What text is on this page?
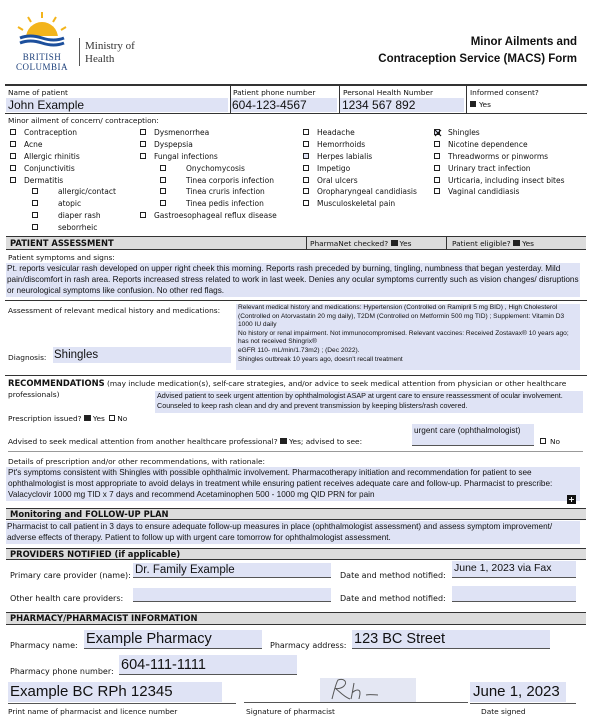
BRITISH
COLUMBIA
Ministry of
Health
Minor Ailments and
Contraception Service (MACS) Form
Name of patient
John Example
Patient phone number
604-123-4567
Personal Health Number
1234 567 892
Informed consent?
Yes
Minor ailment of concern/ contraception:
Contraception
Acne
Allergic rhinitis
Conjunctivitis
Dermatitis
allergic/contact
atopic
diaper rash
seborrheic
Dysmenorrhea
Dyspepsia
Fungal infections
Onychomycosis
Tinea corporis infection
Tinea cruris infection
Tinea pedis infection
Gastroesophageal reflux disease
Headache
Hemorrhoids
Herpes labialis
Impetigo
Oral ulcers
Oropharyngeal candidiasis
Musculoskeletal pain
Shingles
Nicotine dependence
Threadworms or pinworms
Urinary tract infection
Urticaria, including insect bites
Vaginal candidiasis
PATIENT ASSESSMENT	PharmaNet checked? Yes	Patient eligible? Yes
Patient symptoms and signs:
Pt. reports vesicular rash developed on upper right cheek this morning. Reports rash preceded by burning, tingling, numbness that began yesterday. Mild pain/discomfort in rash area. Reports increased stress related to work in last week. Denies any ocular symptoms currently such as vision changes/ disruptions or neurological symptoms like confusion. No other red flags.
Assessment of relevant medical history and medications:	Relevant medical history and medications: Hypertension (Controlled on Ramipril 5 mg BID) , High Cholesterol (Controlled on Atorvastatin 20 mg daily), T2DM (Controlled on Metformin 500 mg TID) ; Supplement: Vitamin D3 1000 IU daily
No history or renal impairment. Not immunocompromised. Relevant vaccines: Received Zostavax® 10 years ago; has not received Shingrix®
eGFR 110- mL/min/1.73m2) ; (Dec 2022).
Shingles outbreak 10 years ago, doesn't recall treatment
Diagnosis: Shingles
RECOMMENDATIONS (may include medication(s), self-care strategies, and/or advice to seek medical attention from physician or other healthcare professionals)	Advised patient to seek urgent attention by ophthalmologist ASAP at urgent care to ensure reassessment of ocular involvement. Counseled to keep rash clean and dry and prevent transmission by keeping blisters/rash covered.
Prescription issued? Yes No
Advised to seek medical attention from another healthcare professional? Yes; advised to see:
urgent care (ophthalmologist)
No
Details of prescription and/or other recommendations, with rationale:
Pt's symptoms consistent with Shingles with possible ophthalmic involvement. Pharmacotherapy initiation and recommendation for patient to see ophthalmologist is most appropriate to avoid delays in treatment while ensuring patient receives adequate care and follow-up. Pharmacist to prescribe: Valacyclovir 1000 mg TID x 7 days and recommend Acetaminophen 500 - 1000 mg QID PRN for pain
+
Monitoring and FOLLOW-UP PLAN
Pharmacist to call patient in 3 days to ensure adequate follow-up measures in place (ophthalmologist assessment) and assess symptom improvement/ adverse effects of therapy. Patient to follow up with urgent care tomorrow for ophthalmologist assessment.
PROVIDERS NOTIFIED (if applicable)
Primary care provider (name): Dr. Family Example	Date and method notified:
June 1, 2023 via Fax
Other health care providers:	Date and method notified:
PHARMACY/PHARMACIST INFORMATION
Pharmacy name: Example Pharmacy	Pharmacy address: 123 BC Street
Pharmacy phone number: 604-111-1111
Example BC RPh 12345
Print name of pharmacist and licence number	Signature of pharmacist
June 1, 2023
Date signed
